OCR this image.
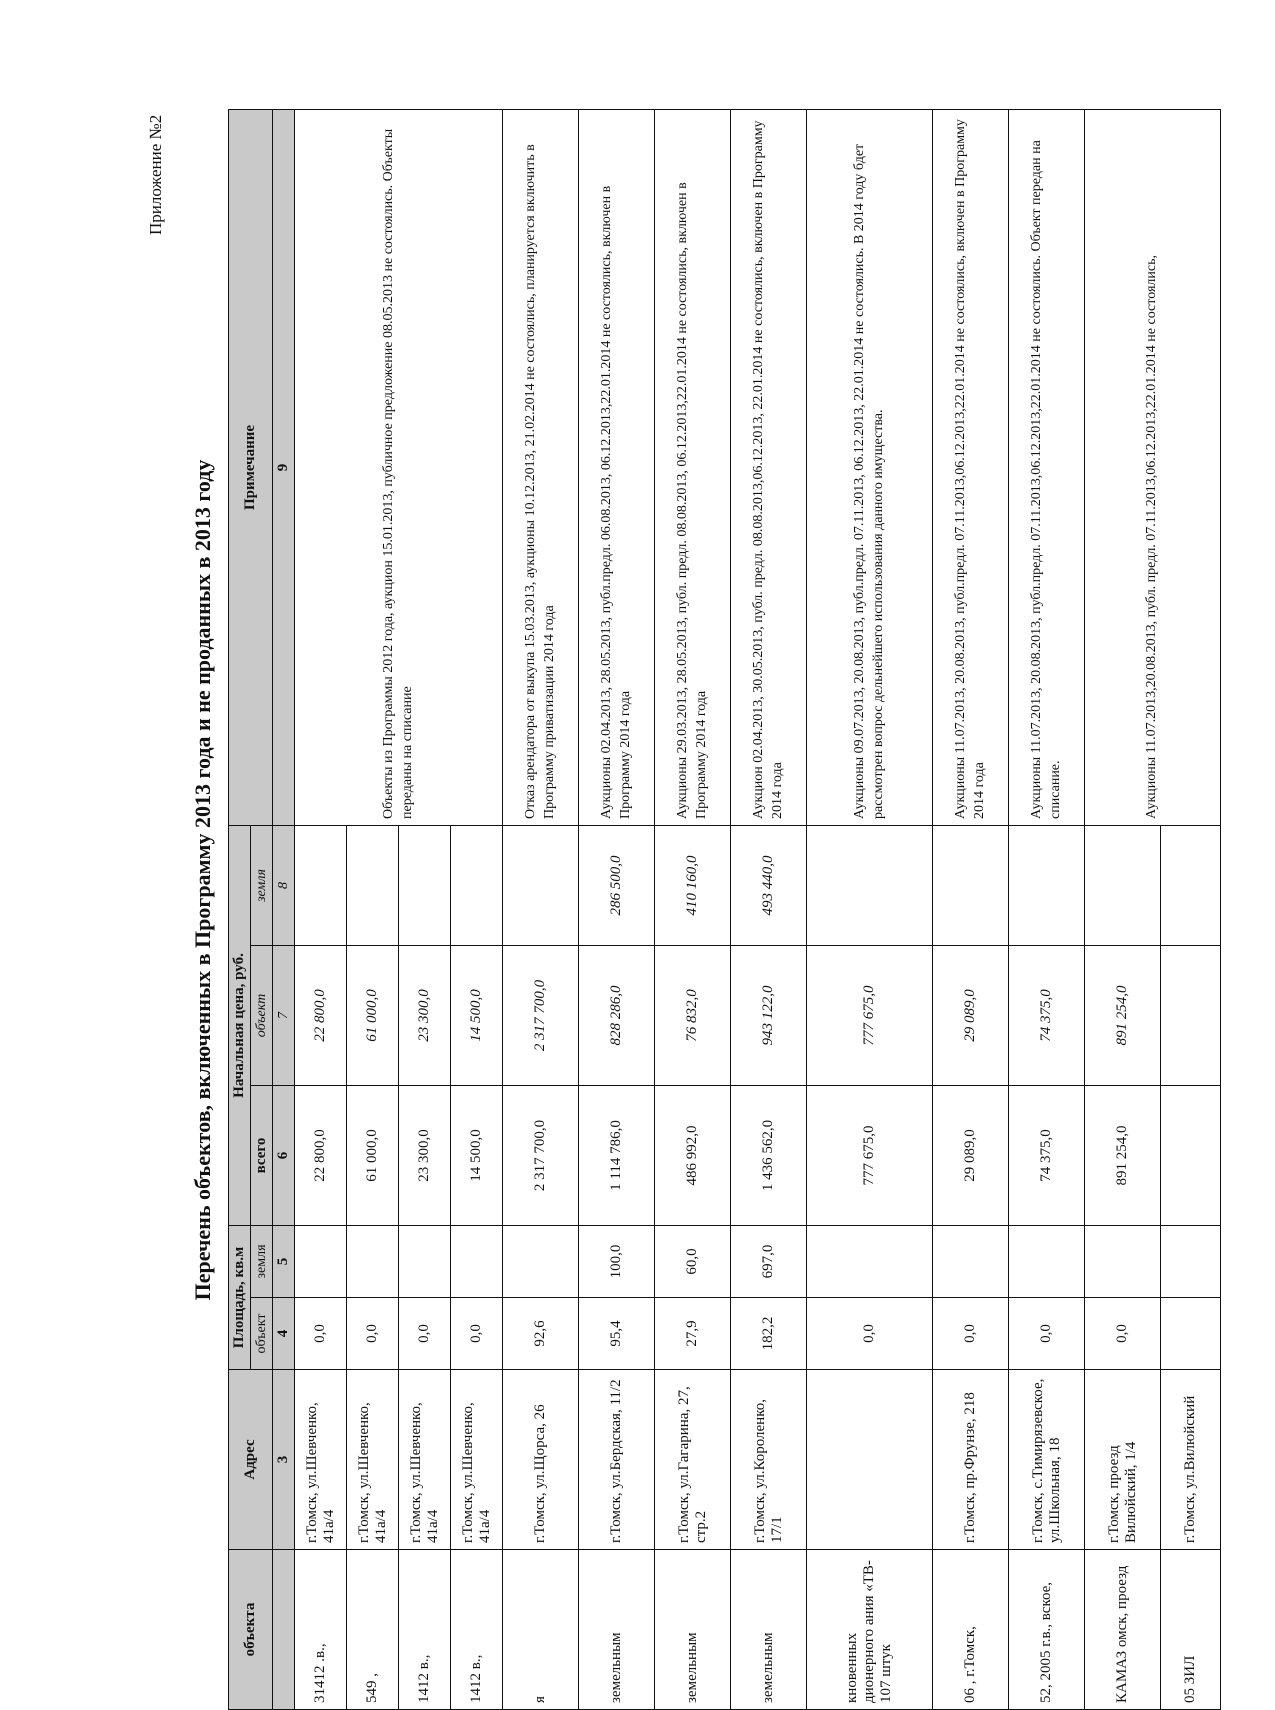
Приложение №2
Перечень объектов, включенных в Программу 2013 года и не проданных в 2013 году
объекта	Адрес	Площадь, кв.м		Начальная цена, руб.			Примечание
		объект	земля	всего	объект	земля	
	3	4	5	6	7	8	9
31412 .в.,	г.Томск, ул.Шевченко, 41а/4	0,0		22 800,0	22 800,0		Объекты из Программы 2012 года, аукцион 15.01.2013, публичное предложение 08.05.2013 не состоялись. Объекты переданы на списание
549 ,	г.Томск, ул.Шевченко, 41а/4	0,0		61 000,0	61 000,0		
1412 в.,	г.Томск, ул.Шевченко, 41а/4	0,0		23 300,0	23 300,0		
1412 в.,	г.Томск, ул.Шевченко, 41а/4	0,0		14 500,0	14 500,0		
я	г.Томск, ул.Щорса, 26	92,6		2 317 700,0	2 317 700,0		Отказ арендатора от выкупа 15.03.2013, аукционы 10.12.2013, 21.02.2014 не состоялись, планируется включить в Программу приватизации 2014 года
земельным	г.Томск, ул.Бердская, 11/2	95,4	100,0	1 114 786,0	828 286,0	286 500,0	Аукционы 02.04.2013, 28.05.2013, публ.предл. 06.08.2013, 06.12.2013,22.01.2014 не состоялись, включен в Программу 2014 года
земельным	г.Томск, ул.Гагарина, 27, стр.2	27,9	60,0	486 992,0	76 832,0	410 160,0	Аукционы 29.03.2013, 28.05.2013, публ. предл. 08.08.2013, 06.12.2013,22.01.2014 не состоялись, включен в Программу 2014 года
земельным	г.Томск, ул.Короленко, 17/1	182,2	697,0	1 436 562,0	943 122,0	493 440,0	Аукцион 02.04.2013, 30.05.2013, публ. предл. 08.08.2013,06.12.2013, 22.01.2014 не состоялись, включен в Программу 2014 года
кновенных дионерного ания «ТВ- 107 штук		0,0		777 675,0	777 675,0		Аукционы 09.07.2013, 20.08.2013, публ.предл. 07.11.2013, 06.12.2013, 22.01.2014 не состоялись. В 2014 году бдет рассмотрен вопрос дельнейшего использования данного имущества.
06 , г.Томск,	г.Томск, пр.Фрунзе, 218	0,0		29 089,0	29 089,0		Аукционы 11.07.2013, 20.08.2013, публ.предл. 07.11.2013,06.12.2013,22.01.2014 не состоялись, включен в Программу 2014 года
52, 2005 г.в., вское,	г.Томск, с.Тимирязевское, ул.Школьная, 18	0,0		74 375,0	74 375,0		Аукционы 11.07.2013, 20.08.2013, публ.предл. 07.11.2013,06.12.2013,22.01.2014 не состоялись. Объект передан на списание.
КАМАЗ омск, проезд	г.Томск, проезд Вилюйский, 1/4	0,0		891 254,0	891 254,0		Аукционы 11.07.2013,20.08.2013, публ. предл. 07.11.2013,06.12.2013,22.01.2014 не состоялись,
05 ЗИЛ	г.Томск, ул.Вилюйский						
